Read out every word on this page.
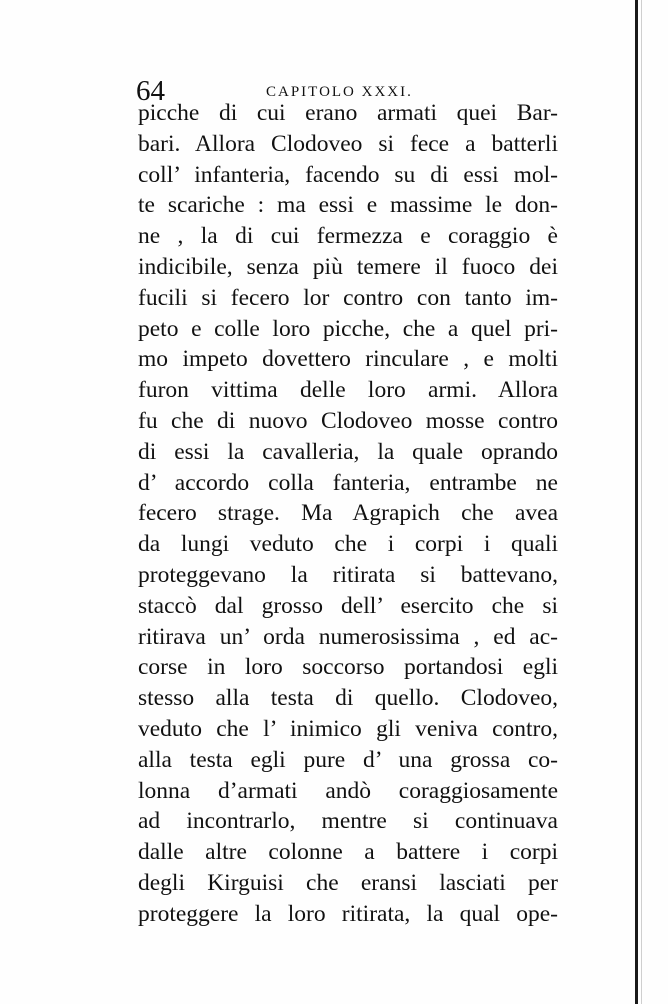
64	CAPITOLO XXXI.
picche di cui erano armati quei Bar-
bari. Allora Clodoveo si fece a batterli
coll’ infanteria, facendo su di essi mol-
te scariche : ma essi e massime le don-
ne , la di cui fermezza e coraggio è
indicibile, senza più temere il fuoco dei
fucili si fecero lor contro con tanto im-
peto e colle loro picche, che a quel pri-
mo impeto dovettero rinculare , e molti
furon vittima delle loro armi. Allora
fu che di nuovo Clodoveo mosse contro
di essi la cavalleria, la quale oprando
d’ accordo colla fanteria, entrambe ne
fecero strage. Ma Agrapich che avea
da lungi veduto che i corpi i quali
proteggevano la ritirata si battevano,
staccò dal grosso dell’ esercito che si
ritirava un’ orda numerosissima , ed ac-
corse in loro soccorso portandosi egli
stesso alla testa di quello. Clodoveo,
veduto che l’ inimico gli veniva contro,
alla testa egli pure d’ una grossa co-
lonna d’armati andò coraggiosamente
ad incontrarlo, mentre si continuava
dalle altre colonne a battere i corpi
degli Kirguisi che eransi lasciati per
proteggere la loro ritirata, la qual ope-
